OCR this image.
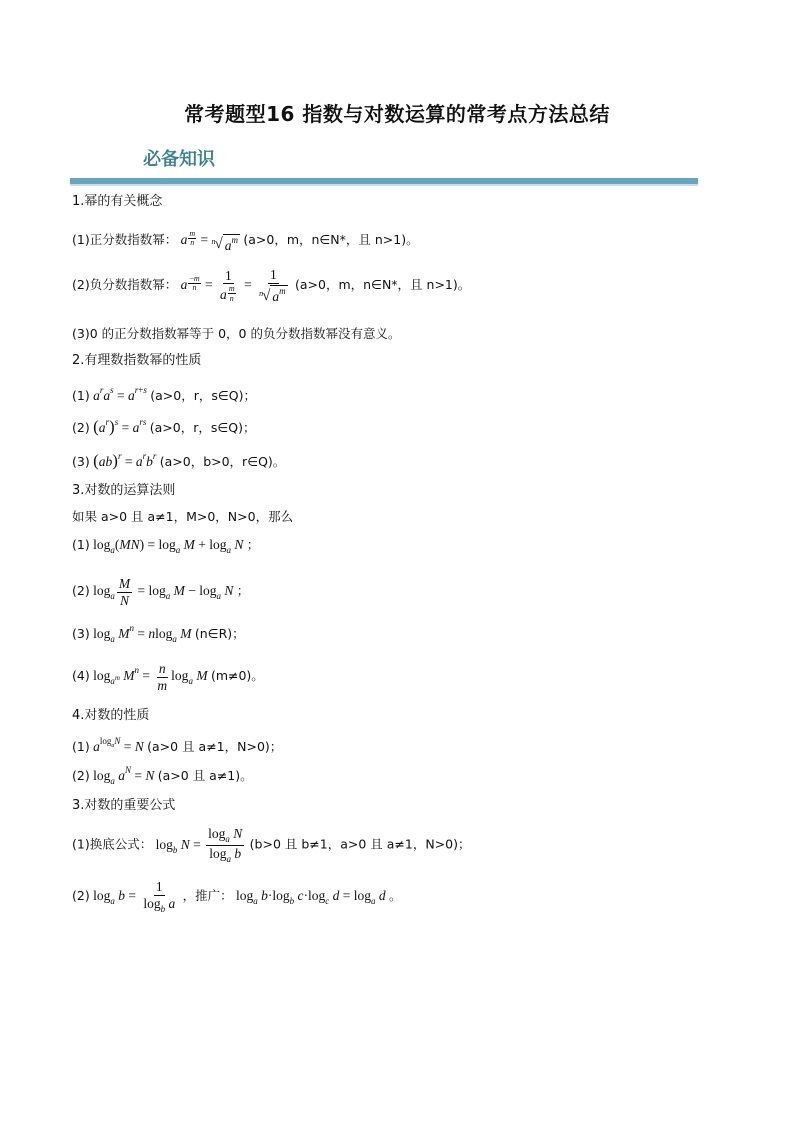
常考题型16 指数与对数运算的常考点方法总结
必备知识
1.幂的有关概念
(1)正分数指数幂： a $\frac{m}{n} = n$ √ $a^m$ (a>0，m，n∈N*，且 n>1)。
(2)负分数指数幂： a $\frac{-m}{n} = \frac{1}{a \frac{m}{n}} = \frac{1}{n √ a^m} (a>0$，m，n∈N*，且 n>1)。
(3)0 的正分数指数幂等于 0，0 的负分数指数幂没有意义。
2.有理数指数幂的性质
(1) $a^ra^s = a^{r+s}$ (a>0，r，s∈Q)；
(2) $(a^r)^s = a^{rs}$ (a>0，r，s∈Q)；
(3) $(ab)^r = a^rb^r$ (a>0，b>0，r∈Q)。
3.对数的运算法则
如果 a>0 且 a≠1，M>0，N>0，那么
(1) $\log_a(MN) = \log_a M + \log_a N$ ；
(2) $\log_a \frac{M}{N} = \log_a M - \log_a N$ ；
(3) $\log_a M^n = nlog_a$ M (n∈R)；
(4) $\log_{a^m} M^n = \frac{n}{m} \log_a M$ (m≠0)。
4.对数的性质
(1) $a^{log_aN} = N$ (a>0 且 a≠1，N>0)；
(2) $\log_a a^N = N$ (a>0 且 a≠1)。
3.对数的重要公式
(1)换底公式： $\log_b N = \frac{\log_a N}{\log_a b} (b>0$ 且 b≠1，a>0 且 a≠1，N>0)；
(2) $\log_a b = \frac{1}{\log_b a}$ ，推广： $\log_a b\cdot\log_b$ $c\cdot\log_c$ $d = \log_a d$ 。
